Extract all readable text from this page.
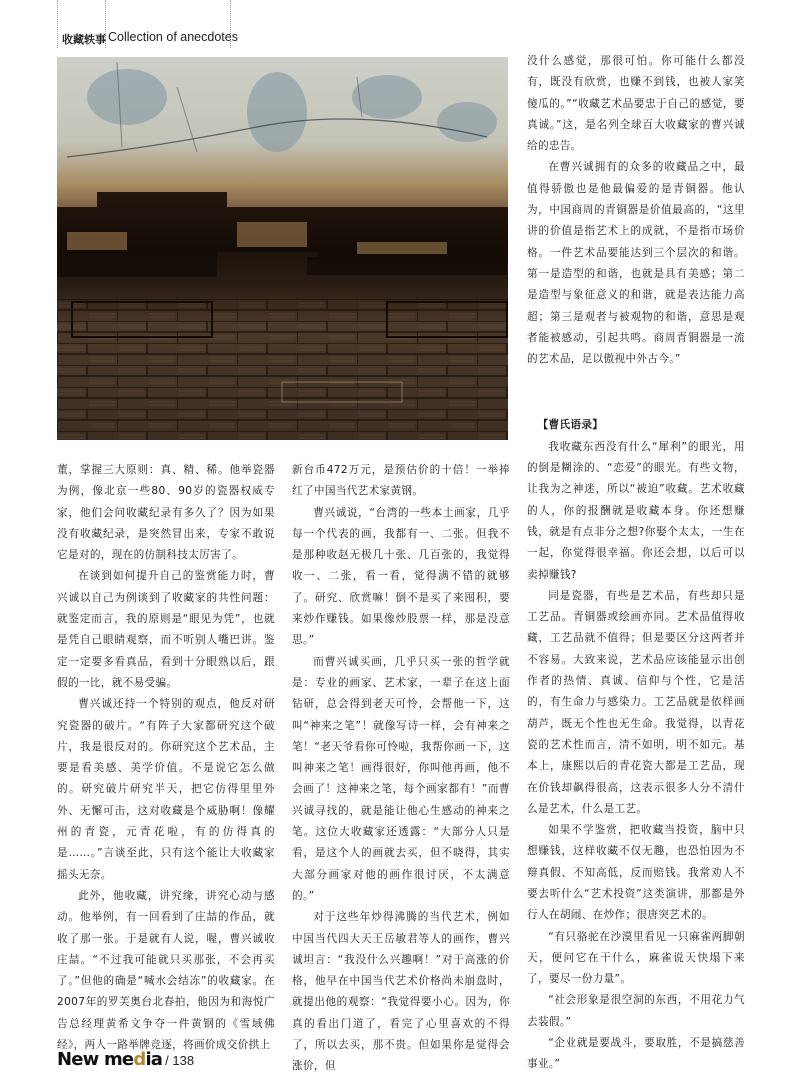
收藏轶事 Collection of anecdotes

董，掌握三大原则：真、精、稀。他举瓷器为例，像北京一些80、90岁的瓷器权威专家，他们会问收藏纪录有多久了？因为如果没有收藏纪录，是突然冒出来，专家不敢说它是对的，现在的仿制科技太厉害了。

在谈到如何提升自己的鉴赏能力时，曹兴诚以自己为例谈到了收藏家的共性问题：就鉴定而言，我的原则是“眼见为凭”，也就是凭自己眼睛观察，而不听别人嘴巴讲。鉴定一定要多看真品，看到十分眼熟以后，跟假的一比，就不易受骗。

曹兴诚还持一个特别的观点，他反对研究瓷器的破片。“有阵子大家都研究这个破片，我是很反对的。你研究这个艺术品，主要是看美感、美学价值。不是说它怎么做的。研究破片研究半天，把它仿得里里外外、无懈可击，这对收藏是个威胁啊！像耀州的青瓷，元青花啦，有的仿得真的是……。”言谈至此，只有这个能让大收藏家摇头无奈。

此外，他收藏，讲究缘，讲究心动与感动。他举例，有一回看到了庄喆的作品，就收了那一张。于是就有人说，喔，曹兴诚收庄喆。“不过我可能就只买那张，不会再买了。”但他的确是“喊水会结冻”的收藏家。在2007年的罗芙奥台北春拍，他因为和海悦广告总经理黄希文争夺一件黄钢的《雪域佛经》，两人一路举牌竞逐，将画价成交价拱上

新台币472万元，是预估价的十倍！一举捧红了中国当代艺术家黄钢。

曹兴诚说，“台湾的一些本土画家，几乎每一个代表的画，我都有一、二张。但我不是那种收赵无极几十张、几百张的，我觉得收一、二张，看一看，觉得满不错的就够了。研究、欣赏嘛！倒不是买了来囤积，要来炒作赚钱。如果像炒股票一样，那是没意思。”

而曹兴诚买画，几乎只买一张的哲学就是：专业的画家、艺术家，一辈子在这上面钻研，总会得到老天可怜，会帮他一下，这叫“神来之笔”！就像写诗一样，会有神来之笔！“老天爷看你可怜啦，我帮你画一下，这叫神来之笔！画得很好，你叫他再画，他不会画了！这神来之笔，每个画家都有！”而曹兴诚寻找的，就是能让他心生感动的神来之笔。这位大收藏家还透露：“大部分人只是看，是这个人的画就去买，但不晓得，其实大部分画家对他的画作很讨厌，不太满意的。”

对于这些年炒得沸腾的当代艺术，例如中国当代四大天王岳敏君等人的画作，曹兴诚坦言：“我没什么兴趣啊！”对于高涨的价格，他早在中国当代艺术价格尚未崩盘时，就提出他的观察：“我觉得要小心。因为，你真的看出门道了，看完了心里喜欢的不得了，所以去买，那不贵。但如果你是觉得会涨价，但

没什么感觉，那很可怕。你可能什么都没有，既没有欣赏，也赚不到钱，也被人家笑傻瓜的。”“收藏艺术品要忠于自己的感觉，要真诚。”这，是名列全球百大收藏家的曹兴诚给的忠告。

在曹兴诚拥有的众多的收藏品之中，最值得骄傲也是他最偏爱的是青铜器。他认为，中国商周的青铜器是价值最高的，“这里讲的价值是指艺术上的成就，不是指市场价格。一件艺术品要能达到三个层次的和谐。第一是造型的和谐，也就是具有美感；第二是造型与象征意义的和谐，就是表达能力高超；第三是观者与被观物的和谐，意思是观者能被感动，引起共鸣。商周青铜器是一流的艺术品，足以傲视中外古今。”

【曹氏语录】

我收藏东西没有什么“犀利”的眼光，用的倒是糊涂的、“恋爱”的眼光。有些文物，让我为之神迷，所以“被迫”收藏。艺术收藏的人，你的报酬就是收藏本身。你还想赚钱，就是有点非分之想?你娶个太太，一生在一起，你觉得很幸福。你还会想，以后可以卖掉赚钱?

同是瓷器，有些是艺术品，有些却只是工艺品。青铜器或绘画亦同。艺术品值得收藏，工艺品就不值得；但是要区分这两者并不容易。大致来说，艺术品应该能显示出创作者的热情、真诚、信仰与个性，它是活的，有生命力与感染力。工艺品就是依样画葫芦，既无个性也无生命。我觉得，以青花瓷的艺术性而言，清不如明，明不如元。基本上，康熙以后的青花瓷大都是工艺品，现在价钱却飙得很高，这表示很多人分不清什么是艺术，什么是工艺。

如果不学鉴赏，把收藏当投资，脑中只想赚钱，这样收藏不仅无趣，也恐怕因为不辩真假、不知高低，反而赔钱。我常劝人不要去听什么“艺术投资”这类演讲，那都是外行人在胡闹、在炒作；很唐突艺术的。

“有只骆驼在沙漠里看见一只麻雀两脚朝天，便问它在干什么，麻雀说天快塌下来了，要尽一份力量”。

“社会形象是很空洞的东西，不用花力气去装假。”

“企业就是要战斗，要取胜，不是搞慈善事业。”

New media / 138
